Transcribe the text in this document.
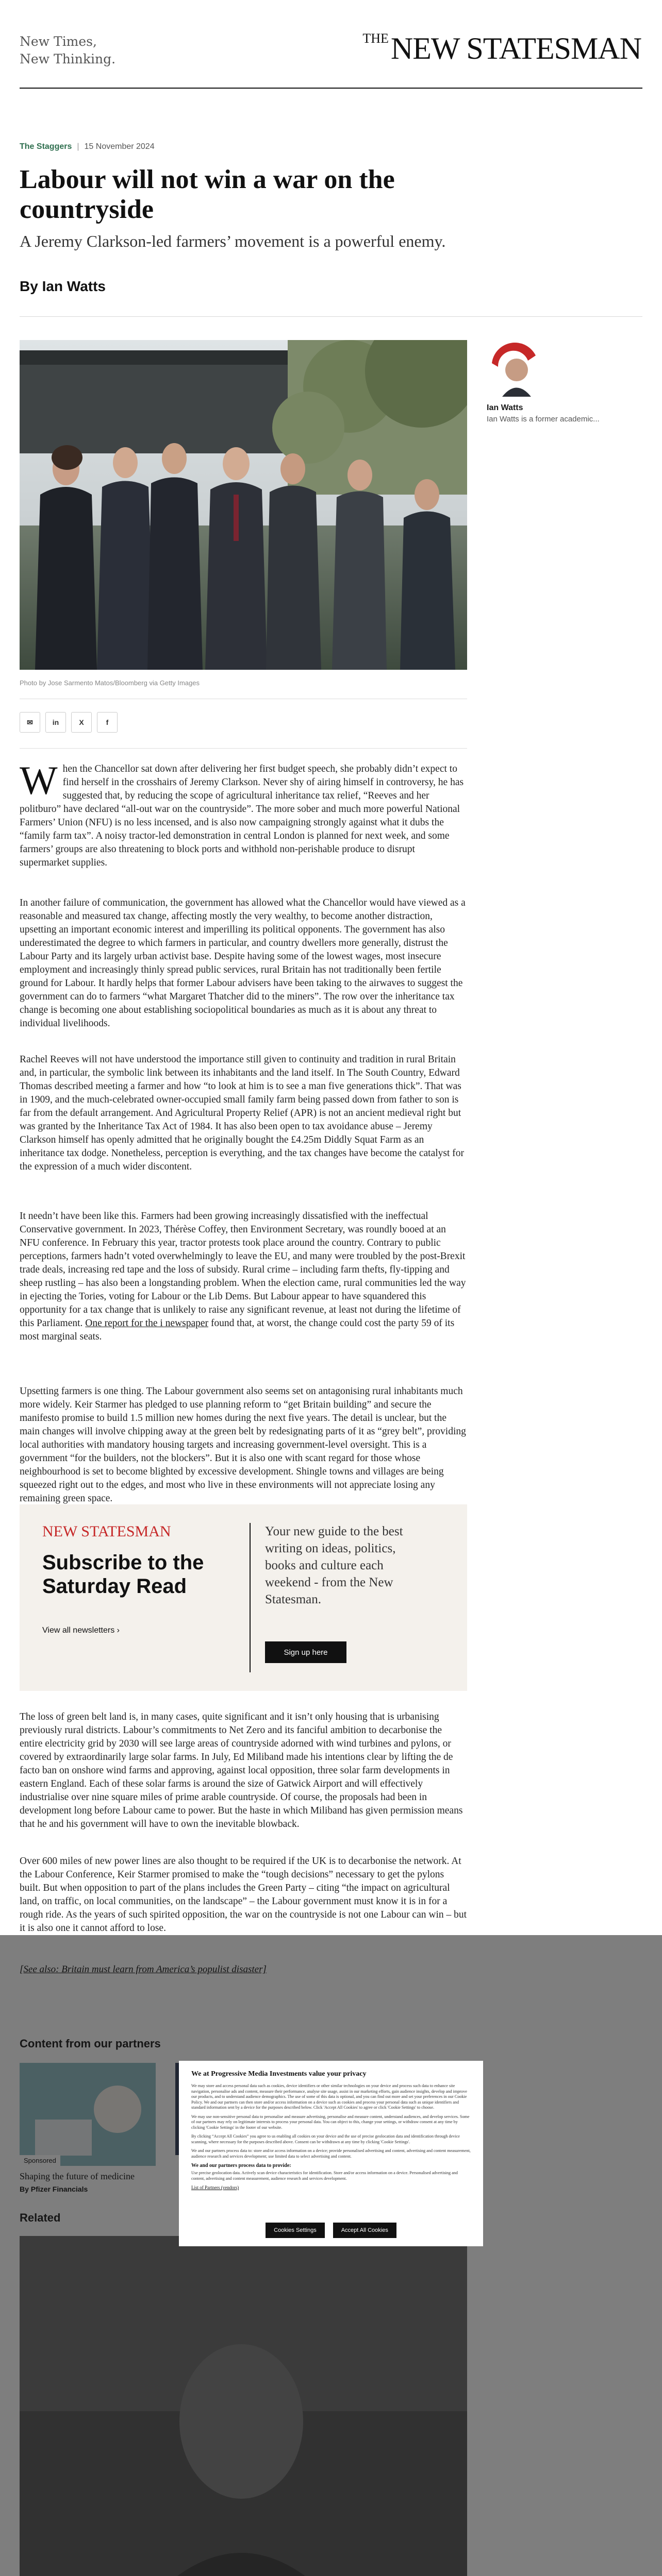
New Times,
New Thinking.
$^{THE}$NEW STATESMAN
The Staggers | 15 November 2024
Labour will not win a war on the countryside

A Jeremy Clarkson-led farmers’ movement is a powerful enemy.

By Ian Watts
Photo by Jose Sarmento Matos/Bloomberg via Getty Images
✉	in	X	f
Ian Watts
Ian Watts is a former academic...

When the Chancellor sat down after delivering her first budget speech, she probably didn’t expect to find herself in the crosshairs of Jeremy Clarkson. Never shy of airing himself in controversy, he has suggested that, by reducing the scope of agricultural inheritance tax relief, “Reeves and her politburo” have declared “all-out war on the countryside”. The more sober and much more powerful National Farmers’ Union (NFU) is no less incensed, and is also now campaigning strongly against what it dubs the “family farm tax”. A noisy tractor-led demonstration in central London is planned for next week, and some farmers’ groups are also threatening to block ports and withhold non-perishable produce to disrupt supermarket supplies.

In another failure of communication, the government has allowed what the Chancellor would have viewed as a reasonable and measured tax change, affecting mostly the very wealthy, to become another distraction, upsetting an important economic interest and imperilling its political opponents. The government has also underestimated the degree to which farmers in particular, and country dwellers more generally, distrust the Labour Party and its largely urban activist base. Despite having some of the lowest wages, most insecure employment and increasingly thinly spread public services, rural Britain has not traditionally been fertile ground for Labour. It hardly helps that former Labour advisers have been taking to the airwaves to suggest the government can do to farmers “what Margaret Thatcher did to the miners”. The row over the inheritance tax change is becoming one about establishing sociopolitical boundaries as much as it is about any threat to individual livelihoods.

Rachel Reeves will not have understood the importance still given to continuity and tradition in rural Britain and, in particular, the symbolic link between its inhabitants and the land itself. In The South Country, Edward Thomas described meeting a farmer and how “to look at him is to see a man five generations thick”. That was in 1909, and the much-celebrated owner-occupied small family farm being passed down from father to son is far from the default arrangement. And Agricultural Property Relief (APR) is not an ancient medieval right but was granted by the Inheritance Tax Act of 1984. It has also been open to tax avoidance abuse – Jeremy Clarkson himself has openly admitted that he originally bought the £4.25m Diddly Squat Farm as an inheritance tax dodge. Nonetheless, perception is everything, and the tax changes have become the catalyst for the expression of a much wider discontent.

It needn’t have been like this. Farmers had been growing increasingly dissatisfied with the ineffectual Conservative government. In 2023, Thérèse Coffey, then Environment Secretary, was roundly booed at an NFU conference. In February this year, tractor protests took place around the country. Contrary to public perceptions, farmers hadn’t voted overwhelmingly to leave the EU, and many were troubled by the post-Brexit trade deals, increasing red tape and the loss of subsidy. Rural crime – including farm thefts, fly-tipping and sheep rustling – has also been a longstanding problem. When the election came, rural communities led the way in ejecting the Tories, voting for Labour or the Lib Dems. But Labour appear to have squandered this opportunity for a tax change that is unlikely to raise any significant revenue, at least not during the lifetime of this Parliament. One report for the i newspaper found that, at worst, the change could cost the party 59 of its most marginal seats.

Upsetting farmers is one thing. The Labour government also seems set on antagonising rural inhabitants much more widely. Keir Starmer has pledged to use planning reform to “get Britain building” and secure the manifesto promise to build 1.5 million new homes during the next five years. The detail is unclear, but the main changes will involve chipping away at the green belt by redesignating parts of it as “grey belt”, providing local authorities with mandatory housing targets and increasing government-level oversight. This is a government “for the builders, not the blockers”. But it is also one with scant regard for those whose neighbourhood is set to become blighted by excessive development. Shingle towns and villages are being squeezed right out to the edges, and most who live in these environments will not appreciate losing any remaining green space.

NEW STATESMAN
Subscribe to the Saturday Read
View all newsletters ›
Your new guide to the best writing on ideas, politics, books and culture each weekend - from the New Statesman.
Sign up here

The loss of green belt land is, in many cases, quite significant and it isn’t only housing that is urbanising previously rural districts. Labour’s commitments to Net Zero and its fanciful ambition to decarbonise the entire electricity grid by 2030 will see large areas of countryside adorned with wind turbines and pylons, or covered by extraordinarily large solar farms. In July, Ed Miliband made his intentions clear by lifting the de facto ban on onshore wind farms and approving, against local opposition, three solar farm developments in eastern England. Each of these solar farms is around the size of Gatwick Airport and will effectively industrialise over nine square miles of prime arable countryside. Of course, the proposals had been in development long before Labour came to power. But the haste in which Miliband has given permission means that he and his government will have to own the inevitable blowback.

Over 600 miles of new power lines are also thought to be required if the UK is to decarbonise the network. At the Labour Conference, Keir Starmer promised to make the “tough decisions” necessary to get the pylons built. But when opposition to part of the plans includes the Green Party – citing “the impact on agricultural land, on traffic, on local communities, on the landscape” – the Labour government must know it is in for a rough ride. As the years of such spirited opposition, the war on the countryside is not one Labour can win – but it is also one it cannot afford to lose.

We at Progressive Media Investments value your privacy

We may store and access personal data such as cookies, device identifiers or other similar technologies on your device and process such data to enhance site navigation, personalise ads and content, measure their performance, analyse site usage, assist in our marketing efforts, gain audience insights, develop and improve our products, and to understand audience demographics. The use of some of this data is optional, and you can find out more and set your preferences in our Cookie Policy. We and our partners can then store and/or access information on a device such as cookies and process your personal data such as unique identifiers and standard information sent by a device for the purposes described below. Click 'Accept All Cookies' to agree or click 'Cookie Settings' to choose.

We may use non-sensitive personal data to personalise and measure advertising, personalise and measure content, understand audiences, and develop services. Some of our partners may rely on legitimate interests to process your personal data. You can object to this, change your settings, or withdraw consent at any time by clicking 'Cookie Settings' in the footer of our website.

By clicking “Accept All Cookies” you agree to us enabling all cookies on your device and the use of precise geolocation data and identification through device scanning, where necessary for the purposes described above. Consent can be withdrawn at any time by clicking 'Cookie Settings'.

We and our partners process data to: store and/or access information on a device; provide personalised advertising and content, advertising and content measurement, audience research and services development; use limited data to select advertising and content.

We and our partners process data to provide:

Use precise geolocation data. Actively scan device characteristics for identification. Store and/or access information on a device. Personalised advertising and content, advertising and content measurement, audience research and services development.

List of Partners (vendors)
Cookies Settings	Accept All Cookies
